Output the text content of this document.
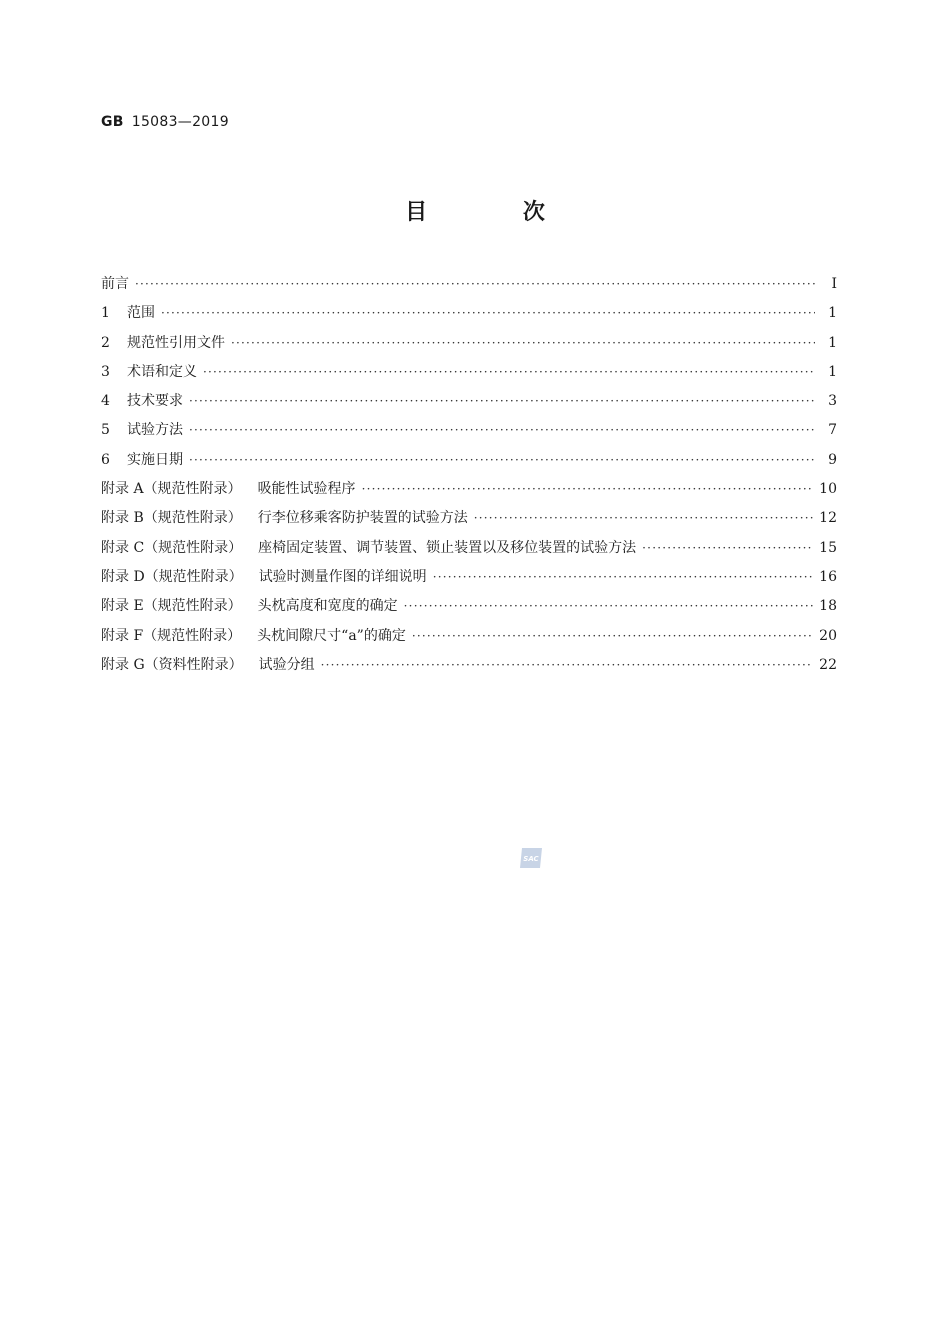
GB 15083—2019
目 次
前言 ·····	Ⅰ
1 范围 ·····	1
2 规范性引用文件 ·····	1
3 术语和定义 ·····	1
4 技术要求 ·····	3
5 试验方法 ·····	7
6 实施日期 ·····	9
附录 A（规范性附录） 吸能性试验程序 ·····	10
附录 B（规范性附录） 行李位移乘客防护装置的试验方法 ·····	12
附录 C（规范性附录） 座椅固定装置、调节装置、锁止装置以及移位装置的试验方法 ·····	15
附录 D（规范性附录） 试验时测量作图的详细说明 ·····	16
附录 E（规范性附录） 头枕高度和宽度的确定 ·····	18
附录 F（规范性附录） 头枕间隙尺寸“a”的确定 ·····	20
附录 G（资料性附录） 试验分组 ·····	22
SAC
